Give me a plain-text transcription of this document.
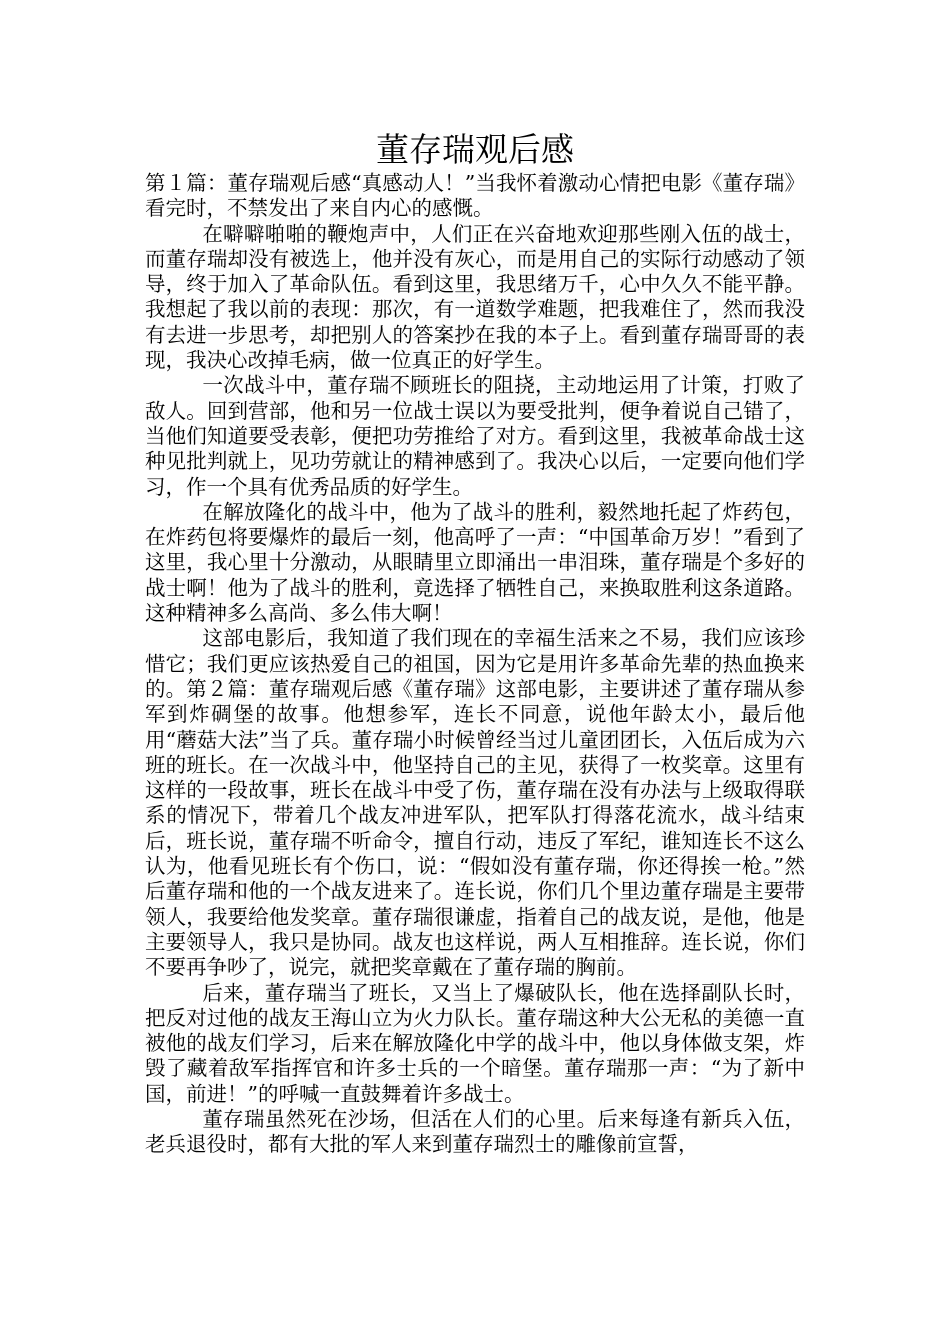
董存瑞观后感

第１篇：董存瑞观后感“真感动人！”当我怀着激动心情把电影《董存瑞》看完时，不禁发出了来自内心的感慨。

在噼噼啪啪的鞭炮声中，人们正在兴奋地欢迎那些刚入伍的战士，而董存瑞却没有被选上，他并没有灰心，而是用自己的实际行动感动了领导，终于加入了革命队伍。看到这里，我思绪万千，心中久久不能平静。我想起了我以前的表现：那次，有一道数学难题，把我难住了，然而我没有去进一步思考，却把别人的答案抄在我的本子上。看到董存瑞哥哥的表现，我决心改掉毛病，做一位真正的好学生。

一次战斗中，董存瑞不顾班长的阻挠，主动地运用了计策，打败了敌人。回到营部，他和另一位战士误以为要受批判，便争着说自己错了，当他们知道要受表彰，便把功劳推给了对方。看到这里，我被革命战士这种见批判就上，见功劳就让的精神感到了。我决心以后，一定要向他们学习，作一个具有优秀品质的好学生。

在解放隆化的战斗中，他为了战斗的胜利，毅然地托起了炸药包，在炸药包将要爆炸的最后一刻，他高呼了一声：“中国革命万岁！”看到了这里，我心里十分激动，从眼睛里立即涌出一串泪珠，董存瑞是个多好的战士啊！他为了战斗的胜利，竟选择了牺牲自己，来换取胜利这条道路。这种精神多么高尚、多么伟大啊！

这部电影后，我知道了我们现在的幸福生活来之不易，我们应该珍惜它；我们更应该热爱自己的祖国，因为它是用许多革命先辈的热血换来的。第２篇：董存瑞观后感《董存瑞》这部电影，主要讲述了董存瑞从参军到炸碉堡的故事。他想参军，连长不同意，说他年龄太小，最后他用“蘑菇大法”当了兵。董存瑞小时候曾经当过儿童团团长，入伍后成为六班的班长。在一次战斗中，他坚持自己的主见，获得了一枚奖章。这里有这样的一段故事，班长在战斗中受了伤，董存瑞在没有办法与上级取得联系的情况下，带着几个战友冲进军队，把军队打得落花流水，战斗结束后，班长说，董存瑞不听命令，擅自行动，违反了军纪，谁知连长不这么认为，他看见班长有个伤口，说：“假如没有董存瑞，你还得挨一枪。”然后董存瑞和他的一个战友进来了。连长说，你们几个里边董存瑞是主要带领人，我要给他发奖章。董存瑞很谦虚，指着自己的战友说，是他，他是主要领导人，我只是协同。战友也这样说，两人互相推辞。连长说，你们不要再争吵了，说完，就把奖章戴在了董存瑞的胸前。

后来，董存瑞当了班长，又当上了爆破队长，他在选择副队长时，把反对过他的战友王海山立为火力队长。董存瑞这种大公无私的美德一直被他的战友们学习，后来在解放隆化中学的战斗中，他以身体做支架，炸毁了藏着敌军指挥官和许多士兵的一个暗堡。董存瑞那一声：“为了新中国，前进！”的呼喊一直鼓舞着许多战士。

董存瑞虽然死在沙场，但活在人们的心里。后来每逢有新兵入伍，老兵退役时，都有大批的军人来到董存瑞烈士的雕像前宣誓，
